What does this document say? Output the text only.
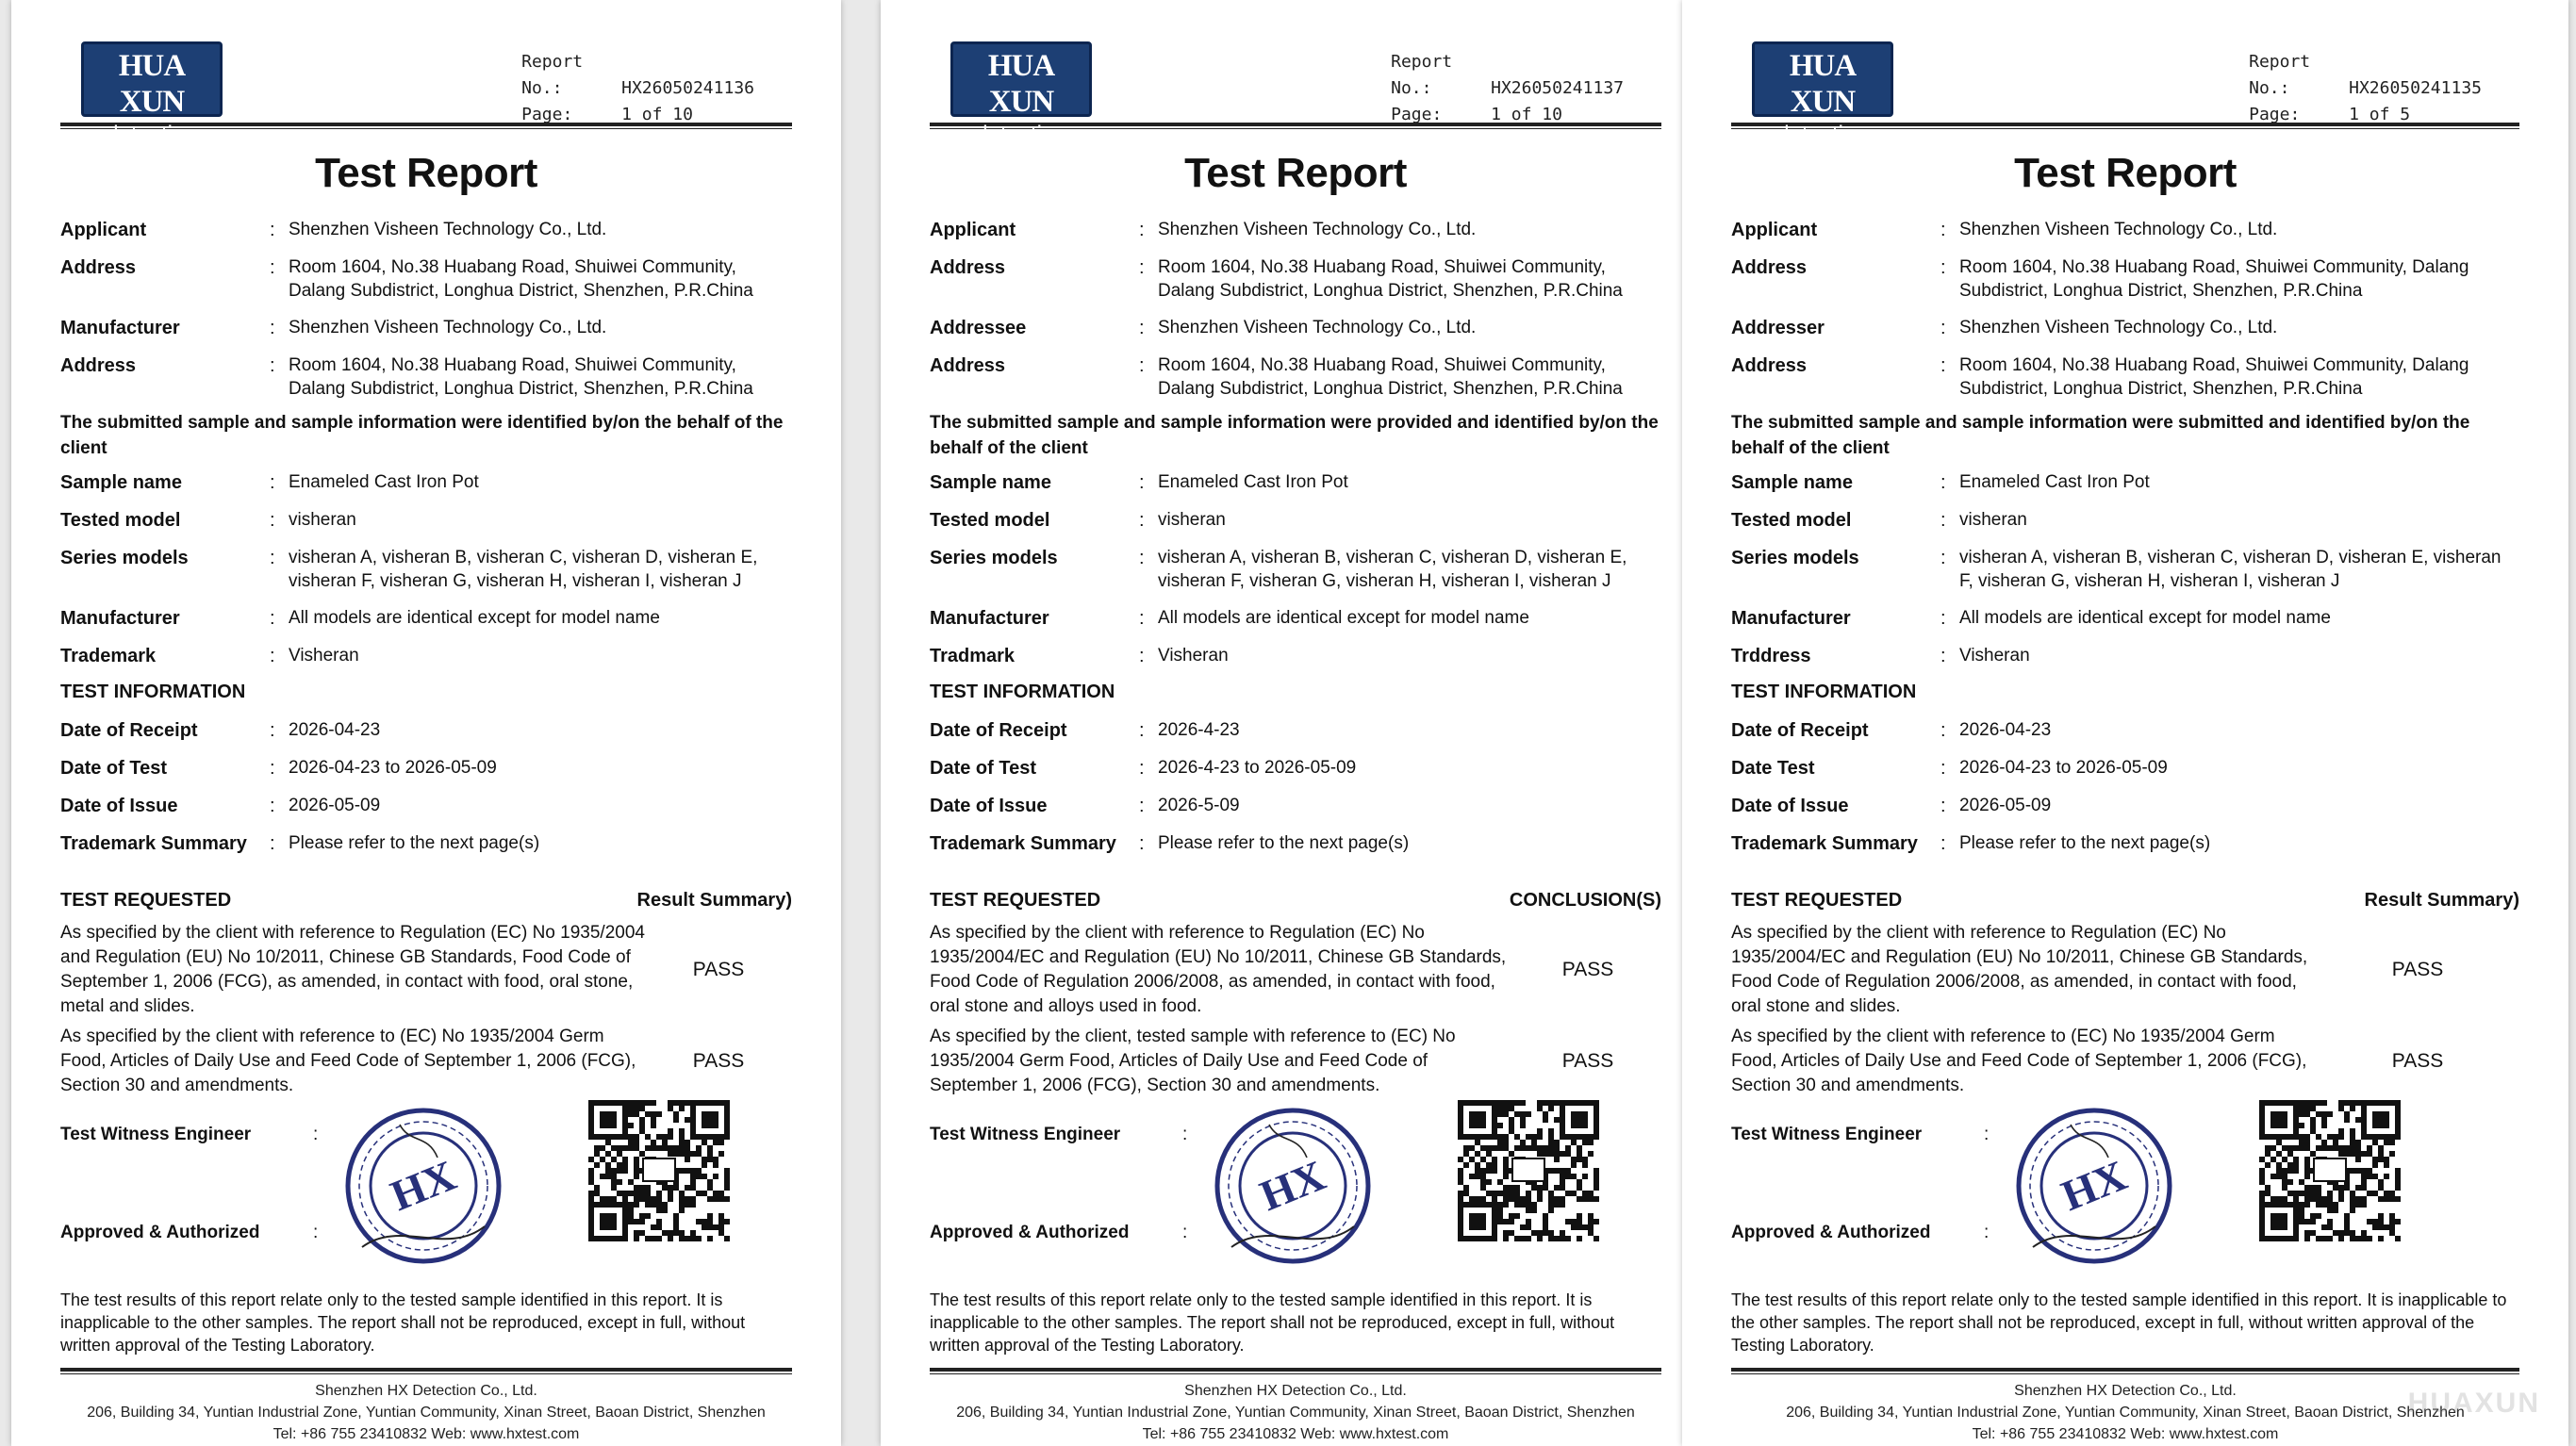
HUA XUN
detection
Report No.:	HX26050241136
Page:	1 of 10
Test Report
Applicant	: Shenzhen Visheen Technology Co., Ltd.
Address	: Room 1604, No.38 Huabang Road, Shuiwei Community, Dalang Subdistrict, Longhua District, Shenzhen, P.R.China
Manufacturer	: Shenzhen Visheen Technology Co., Ltd.
Address	: Room 1604, No.38 Huabang Road, Shuiwei Community, Dalang Subdistrict, Longhua District, Shenzhen, P.R.China
The submitted sample and sample information were identified by/on the behalf of the client
Sample name	: Enameled Cast Iron Pot
Tested model	: visheran
Series models	: visheran A, visheran B, visheran C, visheran D, visheran E, visheran F, visheran G, visheran H, visheran I, visheran J
Manufacturer	: All models are identical except for model name
Trademark	: Visheran
TEST INFORMATION
Date of Receipt	: 2026-04-23
Date of Test	: 2026-04-23 to 2026-05-09
Date of Issue	: 2026-05-09
Trademark Summary	: Please refer to the next page(s)
TEST REQUESTED	Result Summary)
As specified by the client with reference to Regulation (EC) No 1935/2004 and Regulation (EU) No 10/2011, Chinese GB Standards, Food Code of September 1, 2006 (FCG), as amended, in contact with food, oral stone, metal and slides.
PASS
As specified by the client with reference to (EC) No 1935/2004 Germ Food, Articles of Daily Use and Feed Code of September 1, 2006 (FCG), Section 30 and amendments.
PASS
Test Witness Engineer	:
Approved & Authorized	:
HX
The test results of this report relate only to the tested sample identified in this report. It is inapplicable to the other samples. The report shall not be reproduced, except in full, without written approval of the Testing Laboratory.
Shenzhen HX Detection Co., Ltd.
206, Building 34, Yuntian Industrial Zone, Yuntian Community, Xinan Street, Baoan District, Shenzhen
Tel: +86 755 23410832 Web: www.hxtest.com
HUA XUN
detection
Report No.:	HX26050241137
Page:	1 of 10
Test Report
Applicant	: Shenzhen Visheen Technology Co., Ltd.
Address	: Room 1604, No.38 Huabang Road, Shuiwei Community, Dalang Subdistrict, Longhua District, Shenzhen, P.R.China
Addressee	: Shenzhen Visheen Technology Co., Ltd.
Address	: Room 1604, No.38 Huabang Road, Shuiwei Community, Dalang Subdistrict, Longhua District, Shenzhen, P.R.China
The submitted sample and sample information were provided and identified by/on the behalf of the client
Sample name	: Enameled Cast Iron Pot
Tested model	: visheran
Series models	: visheran A, visheran B, visheran C, visheran D, visheran E, visheran F, visheran G, visheran H, visheran I, visheran J
Manufacturer	: All models are identical except for model name
Tradmark	: Visheran
TEST INFORMATION
Date of Receipt	: 2026-4-23
Date of Test	: 2026-4-23 to 2026-05-09
Date of Issue	: 2026-5-09
Trademark Summary	: Please refer to the next page(s)
TEST REQUESTED	CONCLUSION(S)
As specified by the client with reference to Regulation (EC) No 1935/2004/EC and Regulation (EU) No 10/2011, Chinese GB Standards, Food Code of Regulation 2006/2008, as amended, in contact with food, oral stone and alloys used in food.
PASS
As specified by the client, tested sample with reference to (EC) No 1935/2004 Germ Food, Articles of Daily Use and Feed Code of September 1, 2006 (FCG), Section 30 and amendments.
PASS
Test Witness Engineer	:
Approved & Authorized	:
HX
The test results of this report relate only to the tested sample identified in this report. It is inapplicable to the other samples. The report shall not be reproduced, except in full, without written approval of the Testing Laboratory.
Shenzhen HX Detection Co., Ltd.
206, Building 34, Yuntian Industrial Zone, Yuntian Community, Xinan Street, Baoan District, Shenzhen
Tel: +86 755 23410832 Web: www.hxtest.com
HUA XUN
detection
Report No.:	HX26050241135
Page:	1 of 5
Test Report
Applicant	: Shenzhen Visheen Technology Co., Ltd.
Address	: Room 1604, No.38 Huabang Road, Shuiwei Community, Dalang Subdistrict, Longhua District, Shenzhen, P.R.China
Addresser	: Shenzhen Visheen Technology Co., Ltd.
Address	: Room 1604, No.38 Huabang Road, Shuiwei Community, Dalang Subdistrict, Longhua District, Shenzhen, P.R.China
The submitted sample and sample information were submitted and identified by/on the behalf of the client
Sample name	: Enameled Cast Iron Pot
Tested model	: visheran
Series models	: visheran A, visheran B, visheran C, visheran D, visheran E, visheran F, visheran G, visheran H, visheran I, visheran J
Manufacturer	: All models are identical except for model name
Trddress	: Visheran
TEST INFORMATION
Date of Receipt	: 2026-04-23
Date Test	: 2026-04-23 to 2026-05-09
Date of Issue	: 2026-05-09
Trademark Summary	: Please refer to the next page(s)
TEST REQUESTED	Result Summary)
As specified by the client with reference to Regulation (EC) No 1935/2004/EC and Regulation (EU) No 10/2011, Chinese GB Standards, Food Code of Regulation 2006/2008, as amended, in contact with food, oral stone and slides.
PASS
As specified by the client with reference to (EC) No 1935/2004 Germ Food, Articles of Daily Use and Feed Code of September 1, 2006 (FCG), Section 30 and amendments.
PASS
Test Witness Engineer	:
Approved & Authorized	:
HX
The test results of this report relate only to the tested sample identified in this report. It is inapplicable to the other samples. The report shall not be reproduced, except in full, without written approval of the Testing Laboratory.
Shenzhen HX Detection Co., Ltd.
206, Building 34, Yuntian Industrial Zone, Yuntian Community, Xinan Street, Baoan District, Shenzhen
Tel: +86 755 23410832 Web: www.hxtest.com
HUAXUN
